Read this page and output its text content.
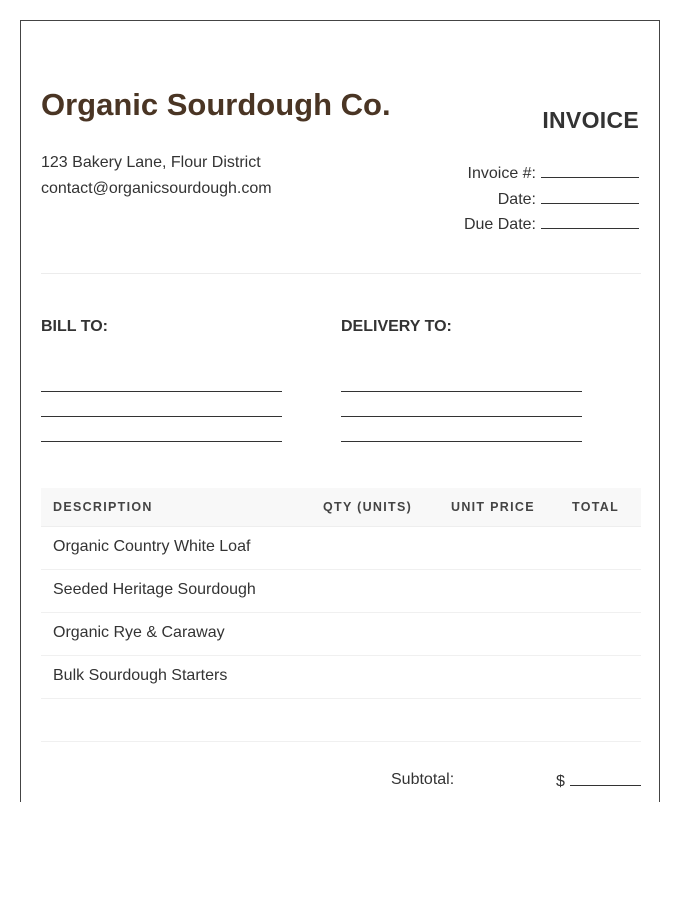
Organic Sourdough Co.
123 Bakery Lane, Flour District
contact@organicsourdough.com
INVOICE
Invoice #:
Date:
Due Date:
BILL TO:	DELIVERY TO:
DESCRIPTION	QTY (UNITS)	UNIT PRICE	TOTAL
Organic Country White Loaf
Seeded Heritage Sourdough
Organic Rye & Caraway
Bulk Sourdough Starters
Subtotal:	$
